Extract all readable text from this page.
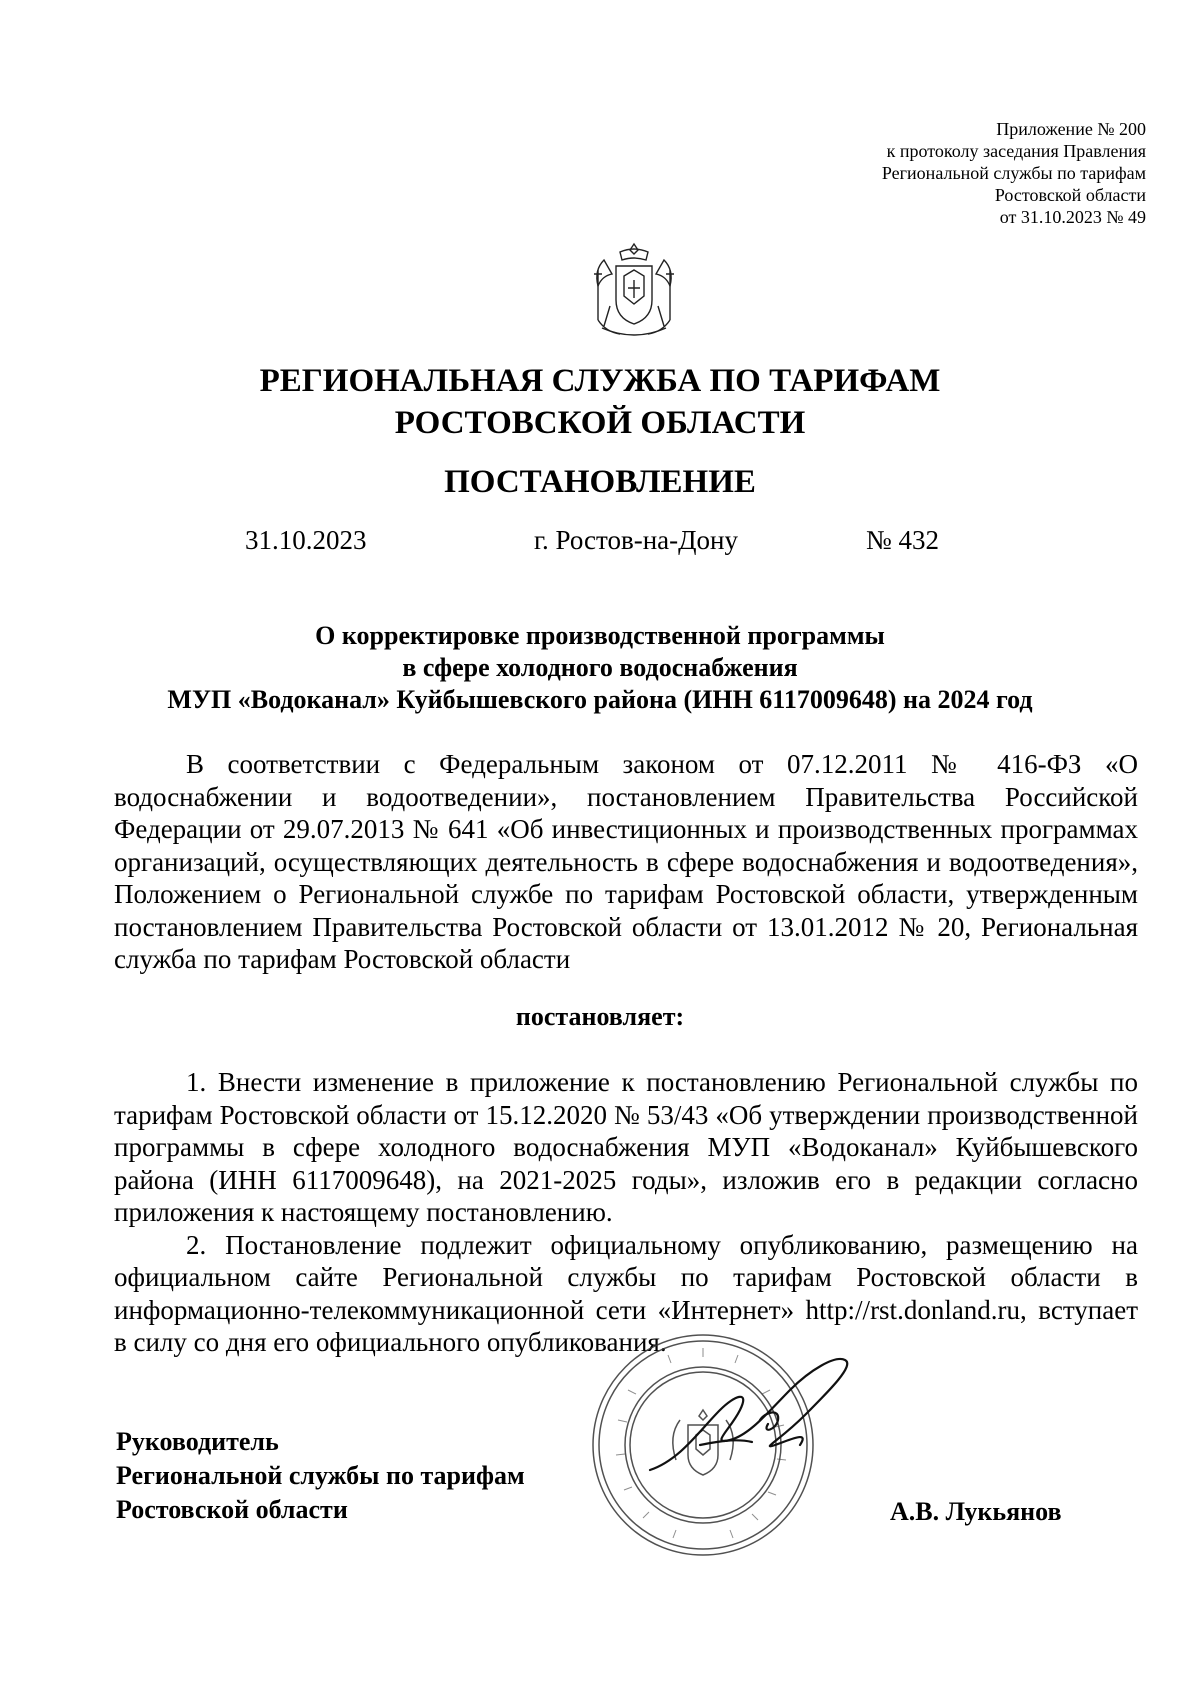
Приложение № 200
к протоколу заседания Правления
Региональной службы по тарифам
Ростовской области
от 31.10.2023 № 49
РЕГИОНАЛЬНАЯ СЛУЖБА ПО ТАРИФАМ
РОСТОВСКОЙ ОБЛАСТИ
ПОСТАНОВЛЕНИЕ
31.10.2023	г. Ростов-на-Дону	№ 432
О корректировке производственной программы
в сфере холодного водоснабжения
МУП «Водоканал» Куйбышевского района (ИНН 6117009648) на 2024 год

В соответствии с Федеральным законом от 07.12.2011 № 416-ФЗ «О водоснабжении и водоотведении», постановлением Правительства Российской Федерации от 29.07.2013 № 641 «Об инвестиционных и производственных программах организаций, осуществляющих деятельность в сфере водоснабжения и водоотведения», Положением о Региональной службе по тарифам Ростовской области, утвержденным постановлением Правительства Ростовской области от 13.01.2012 № 20, Региональная служба по тарифам Ростовской области

постановляет:

1. Внести изменение в приложение к постановлению Региональной службы по тарифам Ростовской области от 15.12.2020 № 53/43 «Об утверждении производственной программы в сфере холодного водоснабжения МУП «Водоканал» Куйбышевского района (ИНН 6117009648), на 2021-2025 годы», изложив его в редакции согласно приложения к настоящему постановлению.

2. Постановление подлежит официальному опубликованию, размещению на официальном сайте Региональной службы по тарифам Ростовской области в информационно-телекоммуникационной сети «Интернет» http://rst.donland.ru, вступает в силу со дня его официального опубликования.

Руководитель
Региональной службы по тарифам
Ростовской области	А.В. Лукьянов
